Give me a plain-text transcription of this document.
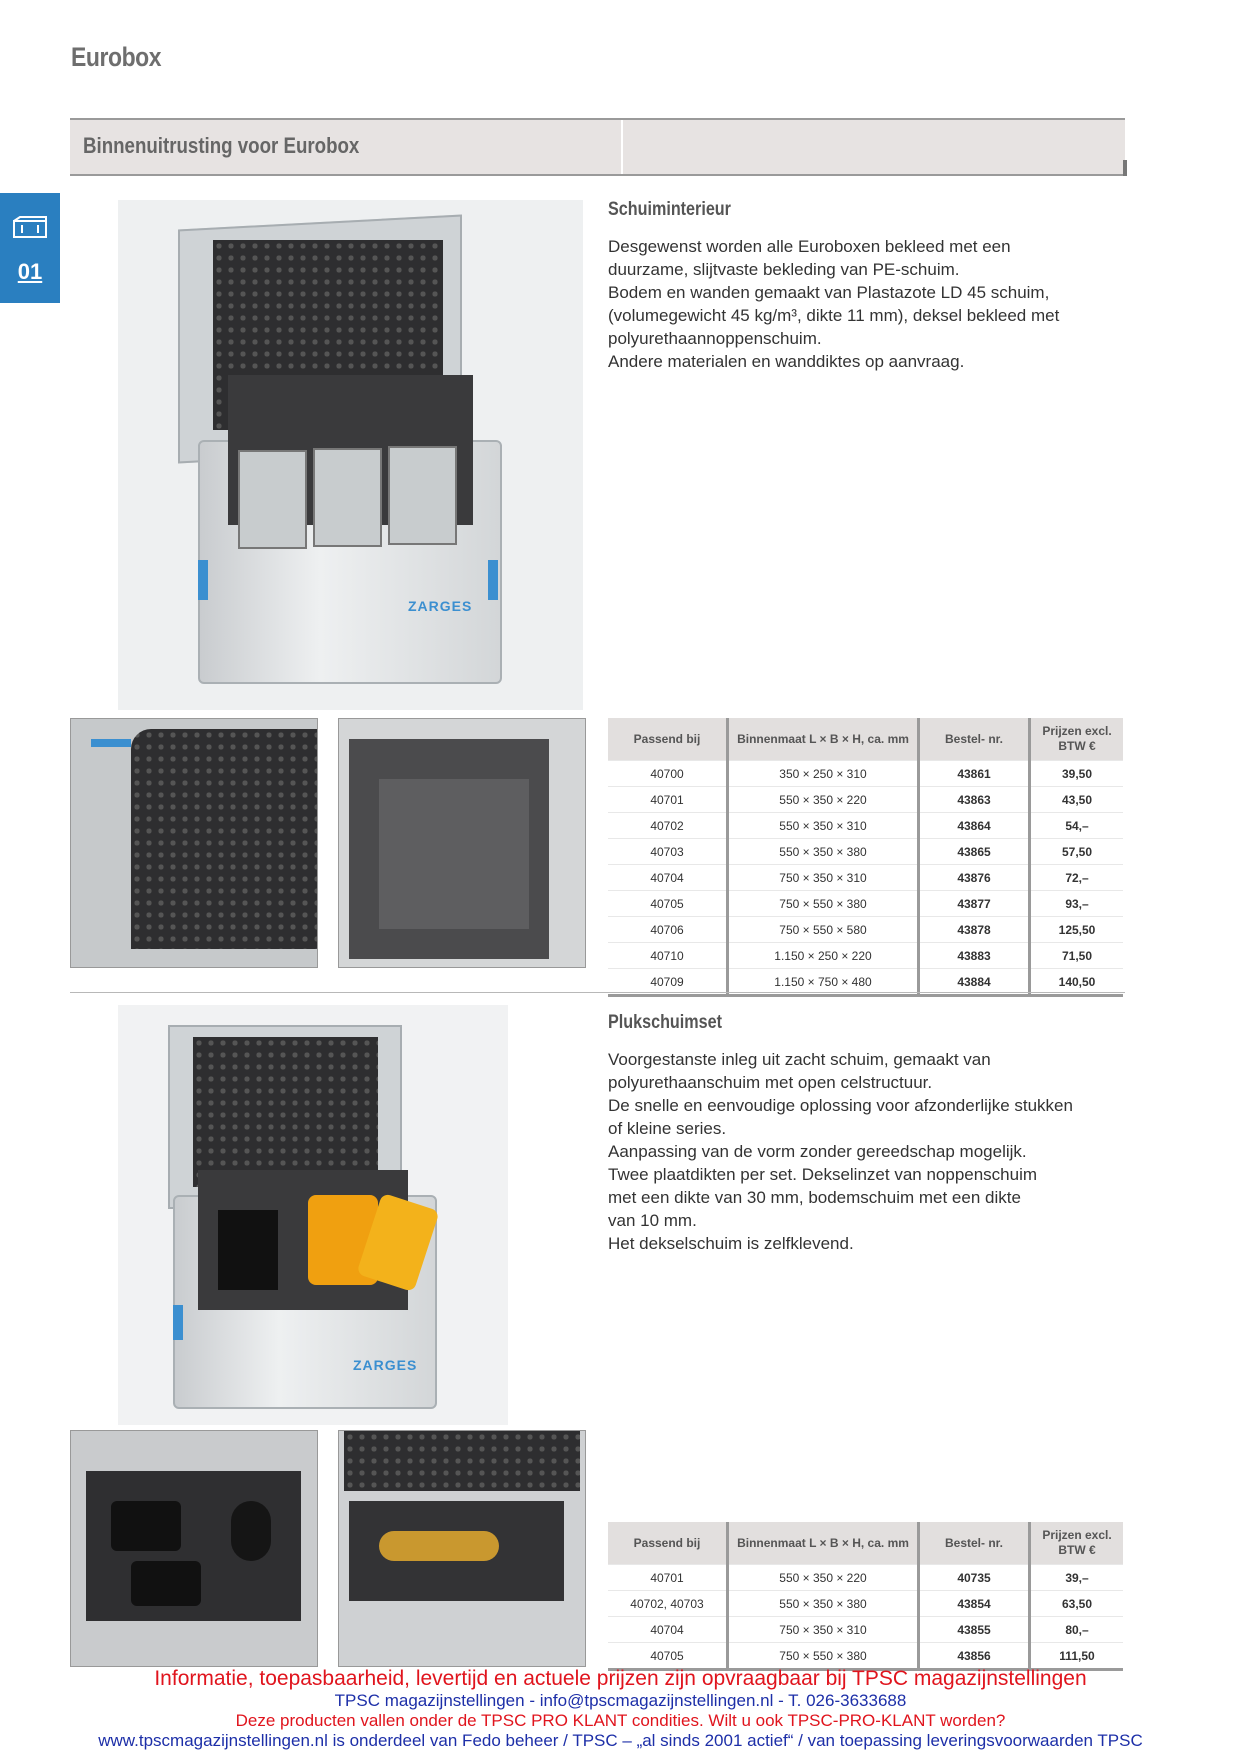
Eurobox
Binnenuitrusting voor Eurobox
01
ZARGES
Schuiminterieur
Desgewenst worden alle Euroboxen bekleed met een
duurzame, slijtvaste bekleding van PE-schuim.
Bodem en wanden gemaakt van Plastazote LD 45 schuim,
(volumegewicht 45 kg/m³, dikte 11 mm), deksel bekleed met
polyurethaannoppenschuim.
Andere materialen en wanddiktes op aanvraag.
Passend bij	Binnenmaat L × B × H, ca. mm	Bestel- nr.	Prijzen excl. BTW €
40700	350 × 250 × 310	43861	39,50
40701	550 × 350 × 220	43863	43,50
40702	550 × 350 × 310	43864	54,–
40703	550 × 350 × 380	43865	57,50
40704	750 × 350 × 310	43876	72,–
40705	750 × 550 × 380	43877	93,–
40706	750 × 550 × 580	43878	125,50
40710	1.150 × 250 × 220	43883	71,50
40709	1.150 × 750 × 480	43884	140,50
ZARGES
Plukschuimset
Voorgestanste inleg uit zacht schuim, gemaakt van
polyurethaanschuim met open celstructuur.
De snelle en eenvoudige oplossing voor afzonderlijke stukken
of kleine series.
Aanpassing van de vorm zonder gereedschap mogelijk.
Twee plaatdikten per set. Dekselinzet van noppenschuim
met een dikte van 30 mm, bodemschuim met een dikte
van 10 mm.
Het dekselschuim is zelfklevend.
Passend bij	Binnenmaat L × B × H, ca. mm	Bestel- nr.	Prijzen excl. BTW €
40701	550 × 350 × 220	40735	39,–
40702, 40703	550 × 350 × 380	43854	63,50
40704	750 × 350 × 310	43855	80,–
40705	750 × 550 × 380	43856	111,50
Informatie, toepasbaarheid, levertijd en actuele prijzen zijn opvraagbaar bij TPSC magazijnstellingen
TPSC magazijnstellingen - info@tpscmagazijnstellingen.nl - T. 026-3633688
Deze producten vallen onder de TPSC PRO KLANT condities. Wilt u ook TPSC-PRO-KLANT worden?
www.tpscmagazijnstellingen.nl is onderdeel van Fedo beheer / TPSC – „al sinds 2001 actief“ / van toepassing leveringsvoorwaarden TPSC
